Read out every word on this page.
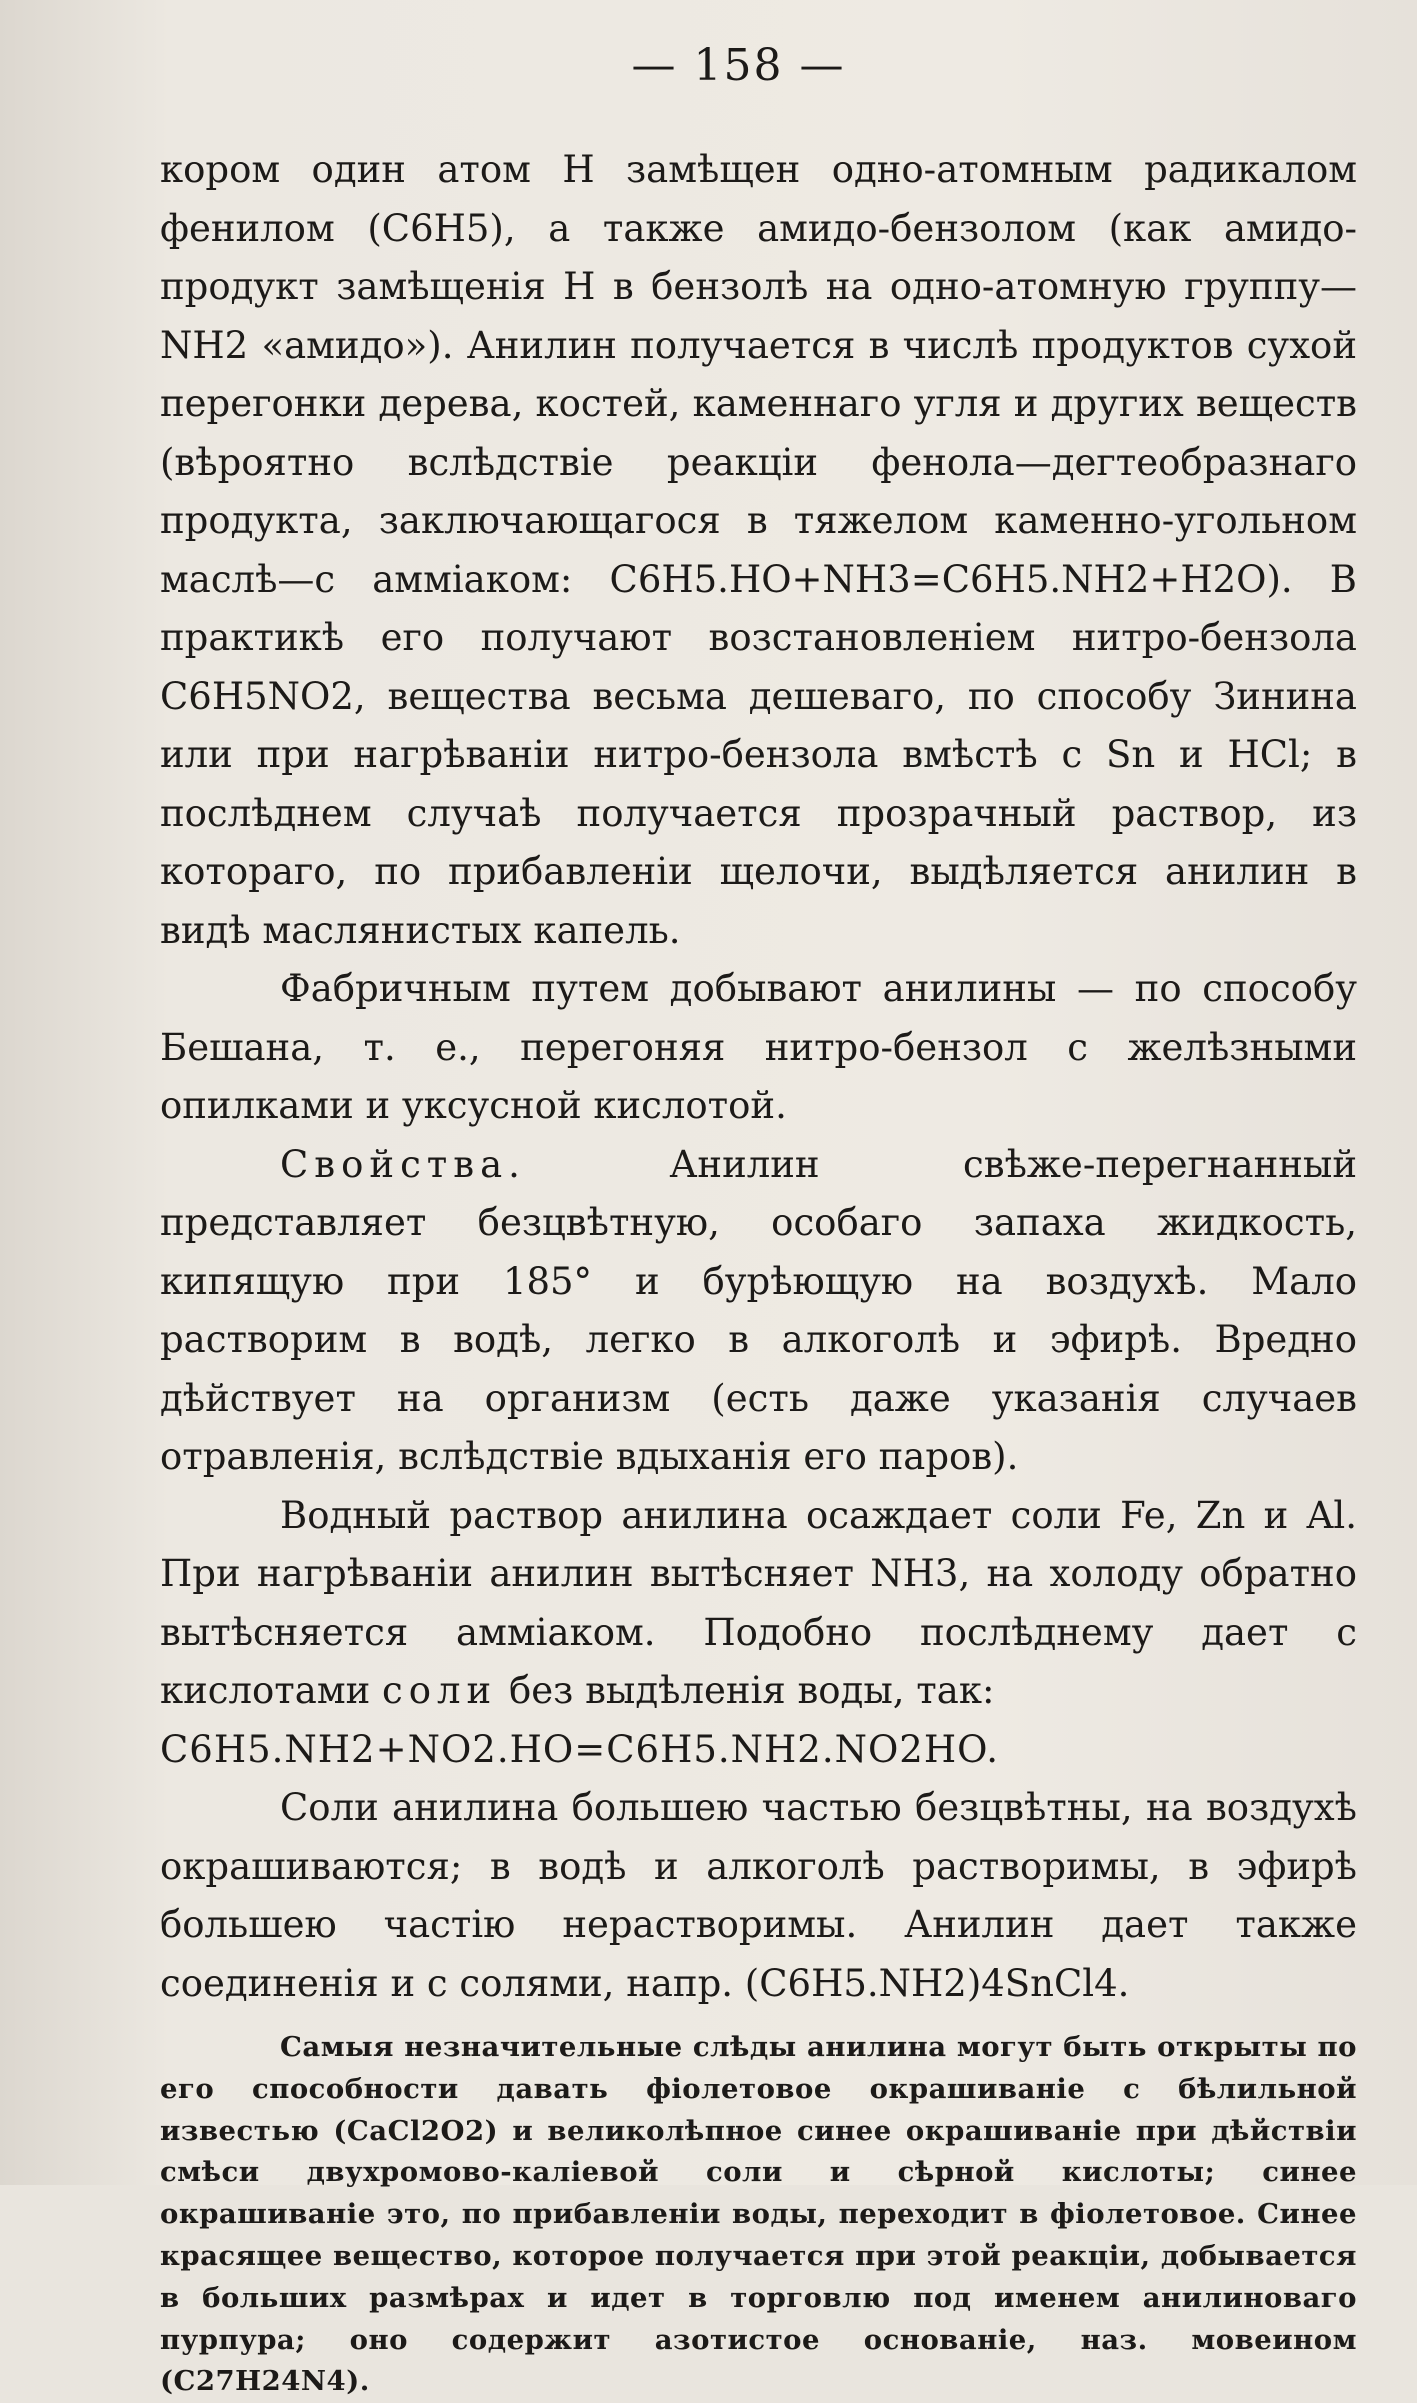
— 158 —

кором один атом H замѣщен одно-атомным радикалом фенилом (C6H5), а также амидо-бензолом (как амидо-продукт замѣщенія H в бензолѣ на одно-атомную группу—NH2 «амидо»). Анилин получается в числѣ продуктов сухой перегонки дерева, костей, каменнаго угля и других веществ (вѣроятно вслѣдствіе реакціи фенола—дегтеобразнаго продукта, заключающагося в тяжелом каменно-угольном маслѣ—с амміаком: C6H5.HO+NH3=C6H5.NH2+H2O). В практикѣ его получают возстановленіем нитро-бензола C6H5NO2, вещества весьма дешеваго, по способу Зинина или при нагрѣваніи нитро-бензола вмѣстѣ с Sn и HCl; в послѣднем случаѣ получается прозрачный раствор, из котораго, по прибавленіи щелочи, выдѣляется анилин в видѣ маслянистых капель.

Фабричным путем добывают анилины — по способу Бешана, т. е., перегоняя нитро-бензол с желѣзными опилками и уксусной кислотой.

Свойства.	Анилин свѣже-перегнанный представляет безцвѣтную, особаго запаха жидкость, кипящую при 185° и бурѣющую на воздухѣ. Мало растворим в водѣ, легко в алкоголѣ и эфирѣ. Вредно дѣйствует на организм (есть даже указанія случаев отравленія, вслѣдствіе вдыханія его паров).

Водный раствор анилина осаждает соли Fe, Zn и Al. При нагрѣваніи анилин вытѣсняет NH3, на холоду обратно вытѣсняется амміаком. Подобно послѣднему дает с кислотами соли без выдѣленія воды, так:

C6H5.NH2+NO2.HO=C6H5.NH2.NO2HO.

Соли анилина большею частью безцвѣтны, на воздухѣ окрашиваются; в водѣ и алкоголѣ растворимы, в эфирѣ большею частію нерастворимы. Анилин дает также соединенія и с солями, напр. (C6H5.NH2)4SnCl4.

Самыя незначительные слѣды анилина могут быть открыты по его способности давать фіолетовое окрашиваніе с бѣлильной известью (CaCl2O2) и великолѣпное синее окрашиваніе при дѣйствіи смѣси двухромово-каліевой соли и сѣрной кислоты; синее окрашиваніе это, по прибавленіи воды, переходит в фіолетовое. Синее красящее вещество, которое получается при этой реакціи, добывается в больших размѣрах и идет в торговлю под именем анилиноваго пурпура; оно содержит азотистое основаніе, наз. мовеином (C27H24N4).
